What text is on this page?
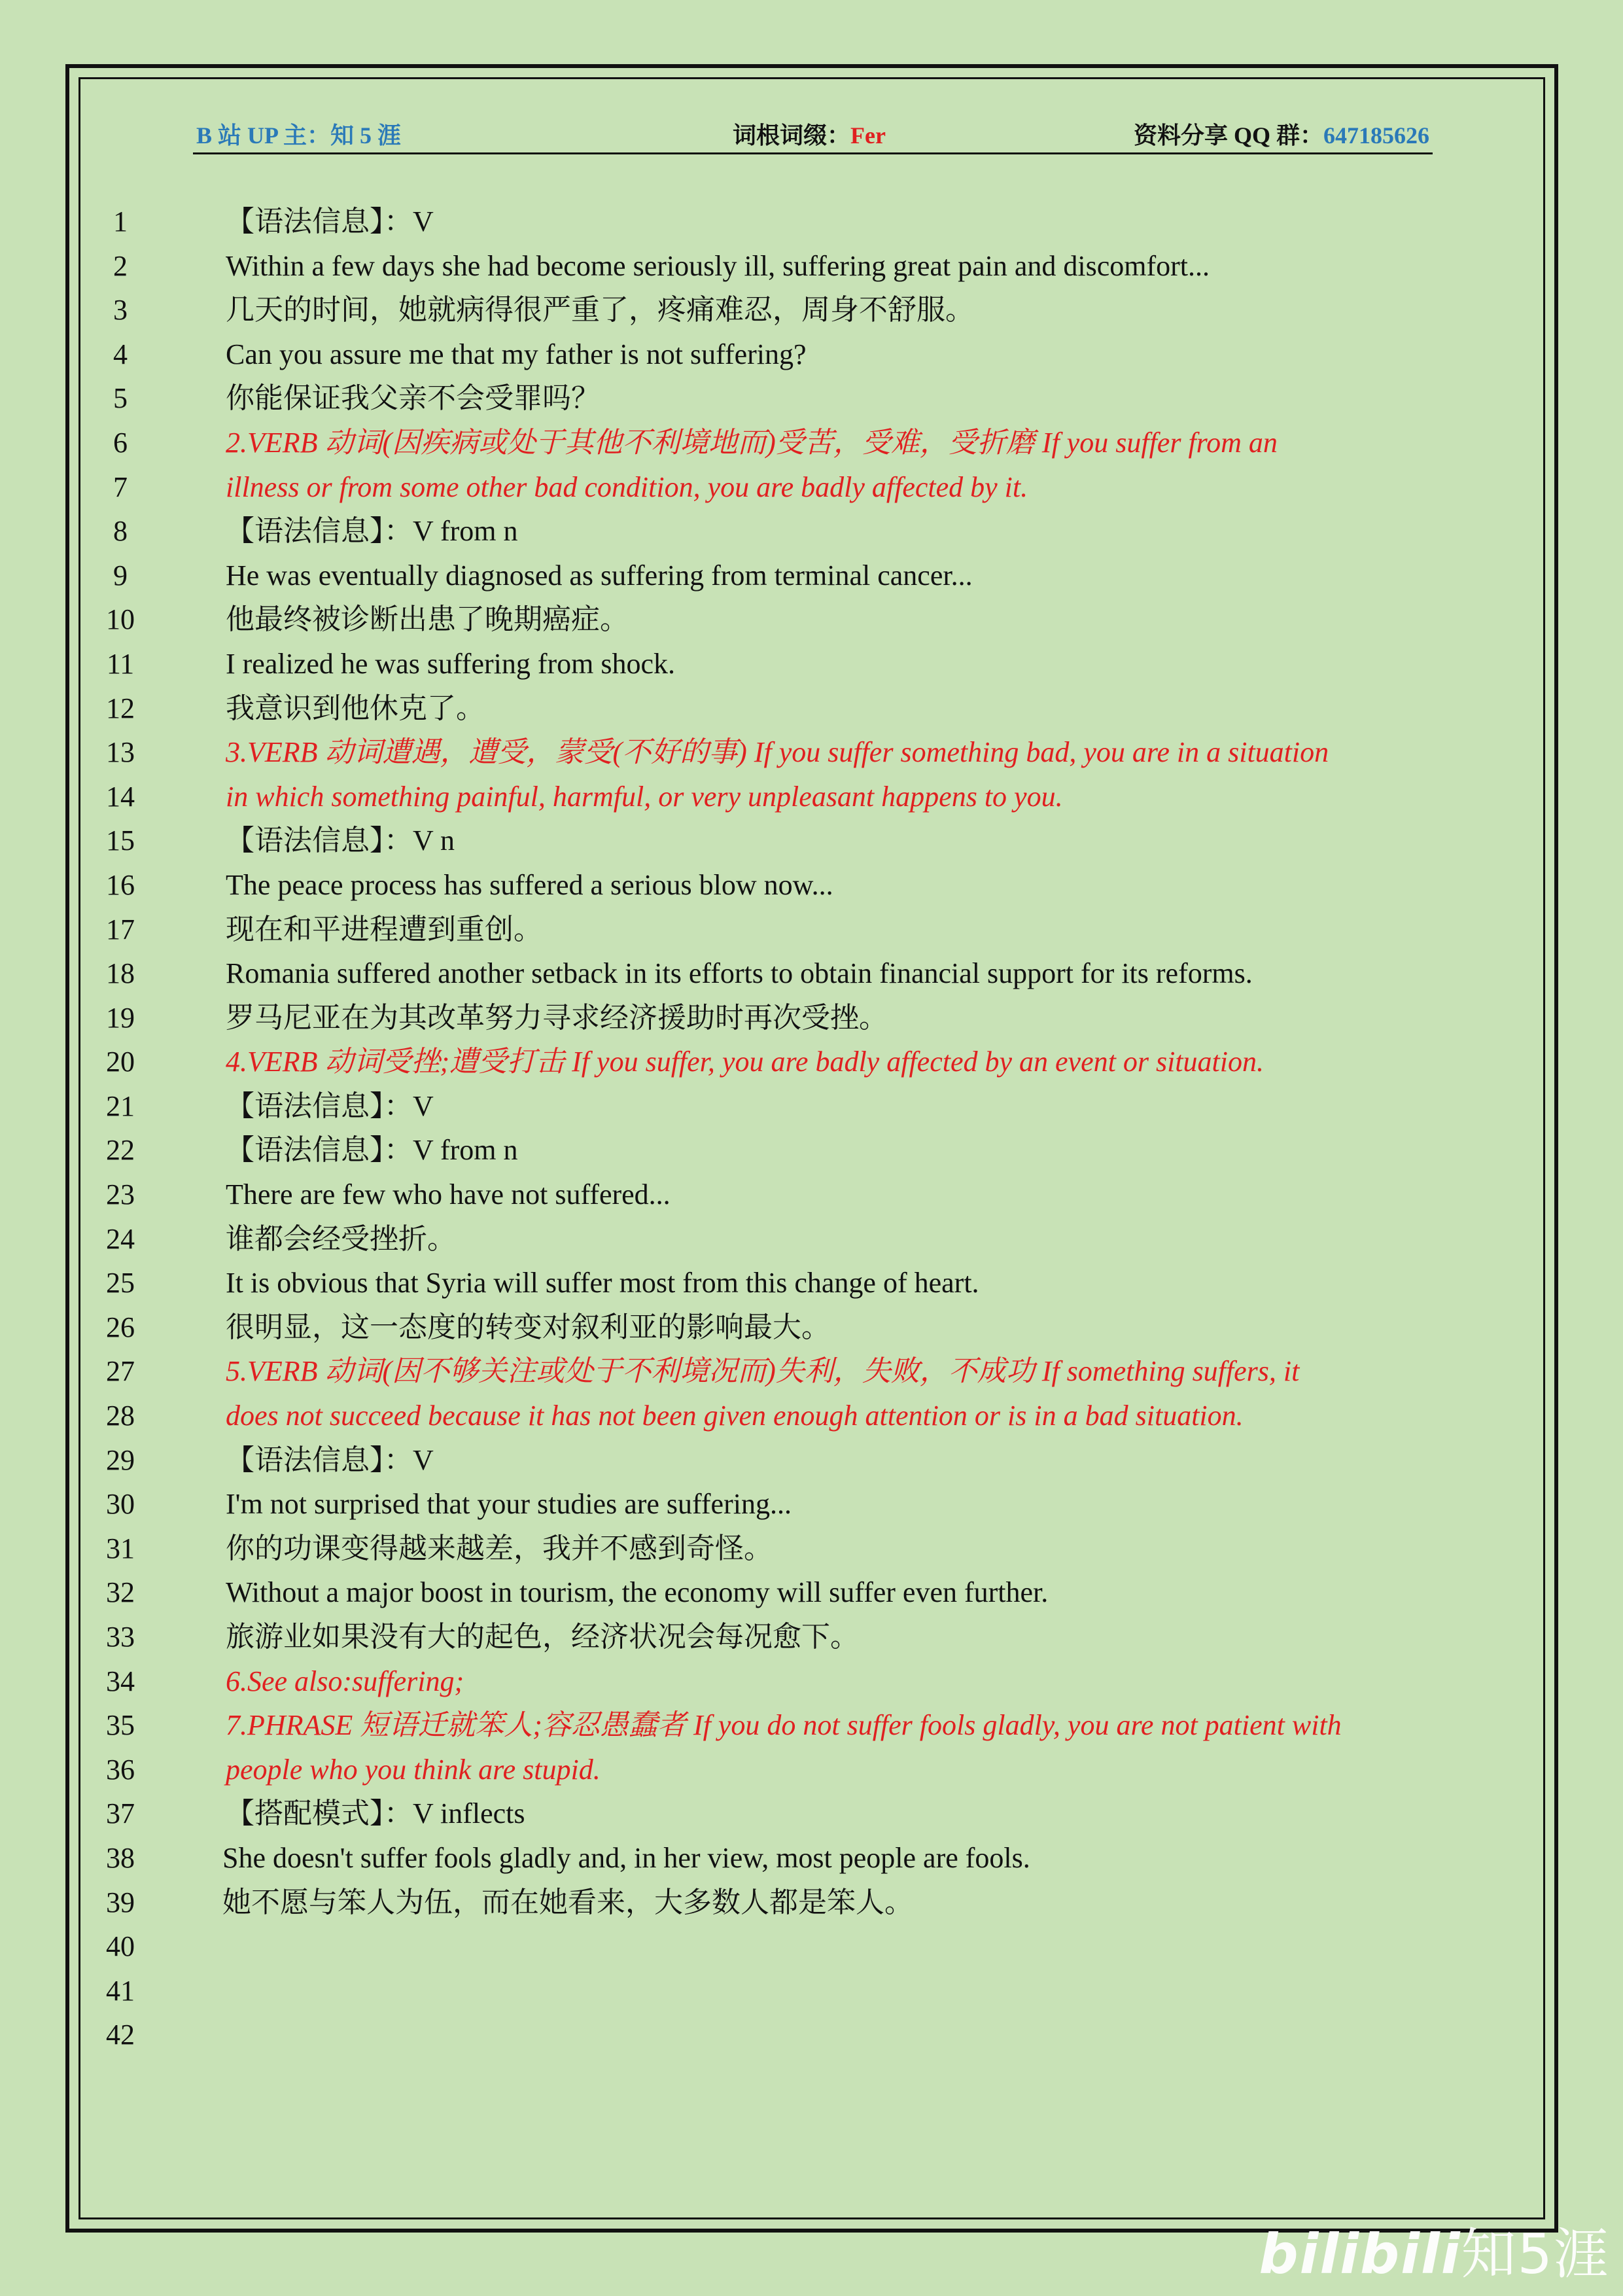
B 站 UP 主：知 5 涯	词根词缀：Fer	资料分享 QQ 群：647185626
1	【语法信息】：V
2	Within a few days she had become seriously ill, suffering great pain and discomfort...
3	几天的时间，她就病得很严重了，疼痛难忍，周身不舒服。
4	Can you assure me that my father is not suffering?
5	你能保证我父亲不会受罪吗？
6	2.VERB 动词(因疾病或处于其他不利境地而)受苦，受难，受折磨 If you suffer from an
7	illness or from some other bad condition, you are badly affected by it.
8	【语法信息】：V from n
9	He was eventually diagnosed as suffering from terminal cancer...
10	他最终被诊断出患了晚期癌症。
11	I realized he was suffering from shock.
12	我意识到他休克了。
13	3.VERB 动词遭遇，遭受，蒙受(不好的事) If you suffer something bad, you are in a situation
14	in which something painful, harmful, or very unpleasant happens to you.
15	【语法信息】：V n
16	The peace process has suffered a serious blow now...
17	现在和平进程遭到重创。
18	Romania suffered another setback in its efforts to obtain financial support for its reforms.
19	罗马尼亚在为其改革努力寻求经济援助时再次受挫。
20	4.VERB 动词受挫;遭受打击 If you suffer, you are badly affected by an event or situation.
21	【语法信息】：V
22	【语法信息】：V from n
23	There are few who have not suffered...
24	谁都会经受挫折。
25	It is obvious that Syria will suffer most from this change of heart.
26	很明显，这一态度的转变对叙利亚的影响最大。
27	5.VERB 动词(因不够关注或处于不利境况而)失利，失败，不成功 If something suffers, it
28	does not succeed because it has not been given enough attention or is in a bad situation.
29	【语法信息】：V
30	I'm not surprised that your studies are suffering...
31	你的功课变得越来越差，我并不感到奇怪。
32	Without a major boost in tourism, the economy will suffer even further.
33	旅游业如果没有大的起色，经济状况会每况愈下。
34	6.See also:suffering;
35	7.PHRASE 短语迁就笨人;容忍愚蠢者 If you do not suffer fools gladly, you are not patient with
36	people who you think are stupid.
37	【搭配模式】：V inflects
38	She doesn't suffer fools gladly and, in her view, most people are fools.
39	她不愿与笨人为伍，而在她看来，大多数人都是笨人。
40
41
42
bilibili知5涯
